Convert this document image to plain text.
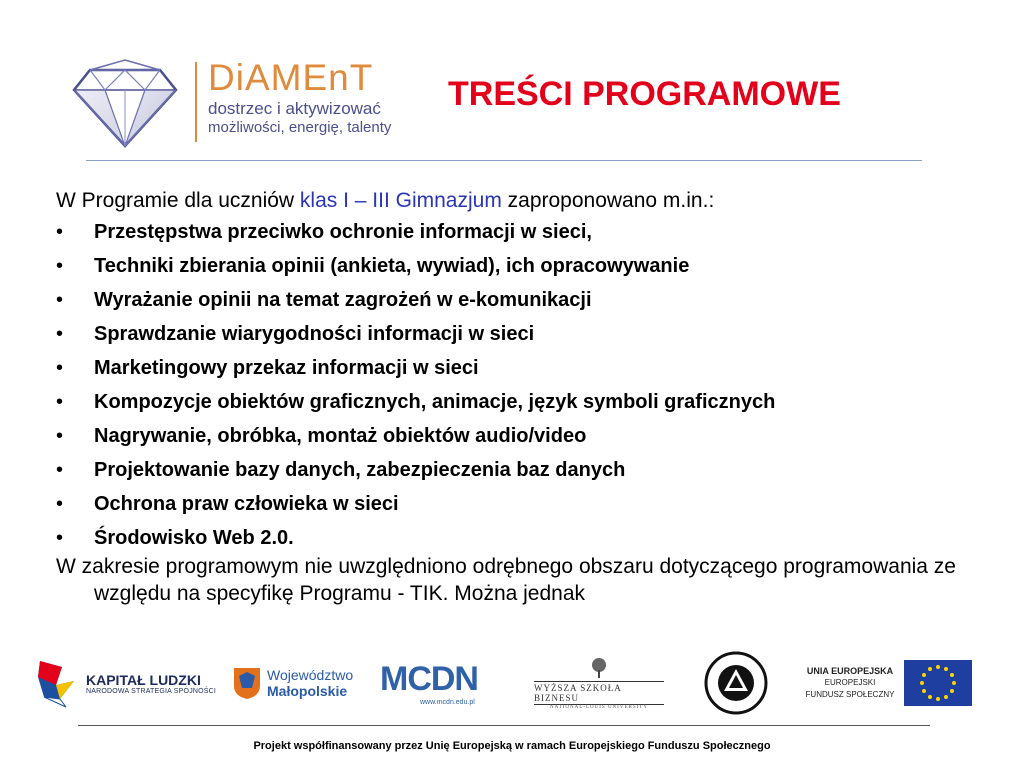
DiAMEnT
dostrzec i aktywizować
możliwości, energię, talenty
TREŚCI PROGRAMOWE

W Programie dla uczniów klas I – III Gimnazjum zaproponowano m.in.:

• Przestępstwa przeciwko ochronie informacji w sieci,
• Techniki zbierania opinii (ankieta, wywiad), ich opracowywanie
• Wyrażanie opinii na temat zagrożeń w e-komunikacji
• Sprawdzanie wiarygodności informacji w sieci
• Marketingowy przekaz informacji w sieci
• Kompozycje obiektów graficznych, animacje, język symboli graficznych
• Nagrywanie, obróbka, montaż obiektów audio/video
• Projektowanie bazy danych, zabezpieczenia baz danych
• Ochrona praw człowieka w sieci
• Środowisko Web 2.0.

W zakresie programowym nie uwzględniono odrębnego obszaru dotyczącego programowania ze względu na specyfikę Programu - TIK. Można jednak

KAPITAŁ LUDZKI
NARODOWA STRATEGIA SPÓJNOŚCI
Województwo
Małopolskie MCDN
www.mcdn.edu.pl
WYŻSZA SZKOŁA BIZNESU
NATIONAL-LOUIS UNIVERSITY
UNIA EUROPEJSKA
EUROPEJSKI
FUNDUSZ SPOŁECZNY
Projekt współfinansowany przez Unię Europejską w ramach Europejskiego Funduszu Społecznego
